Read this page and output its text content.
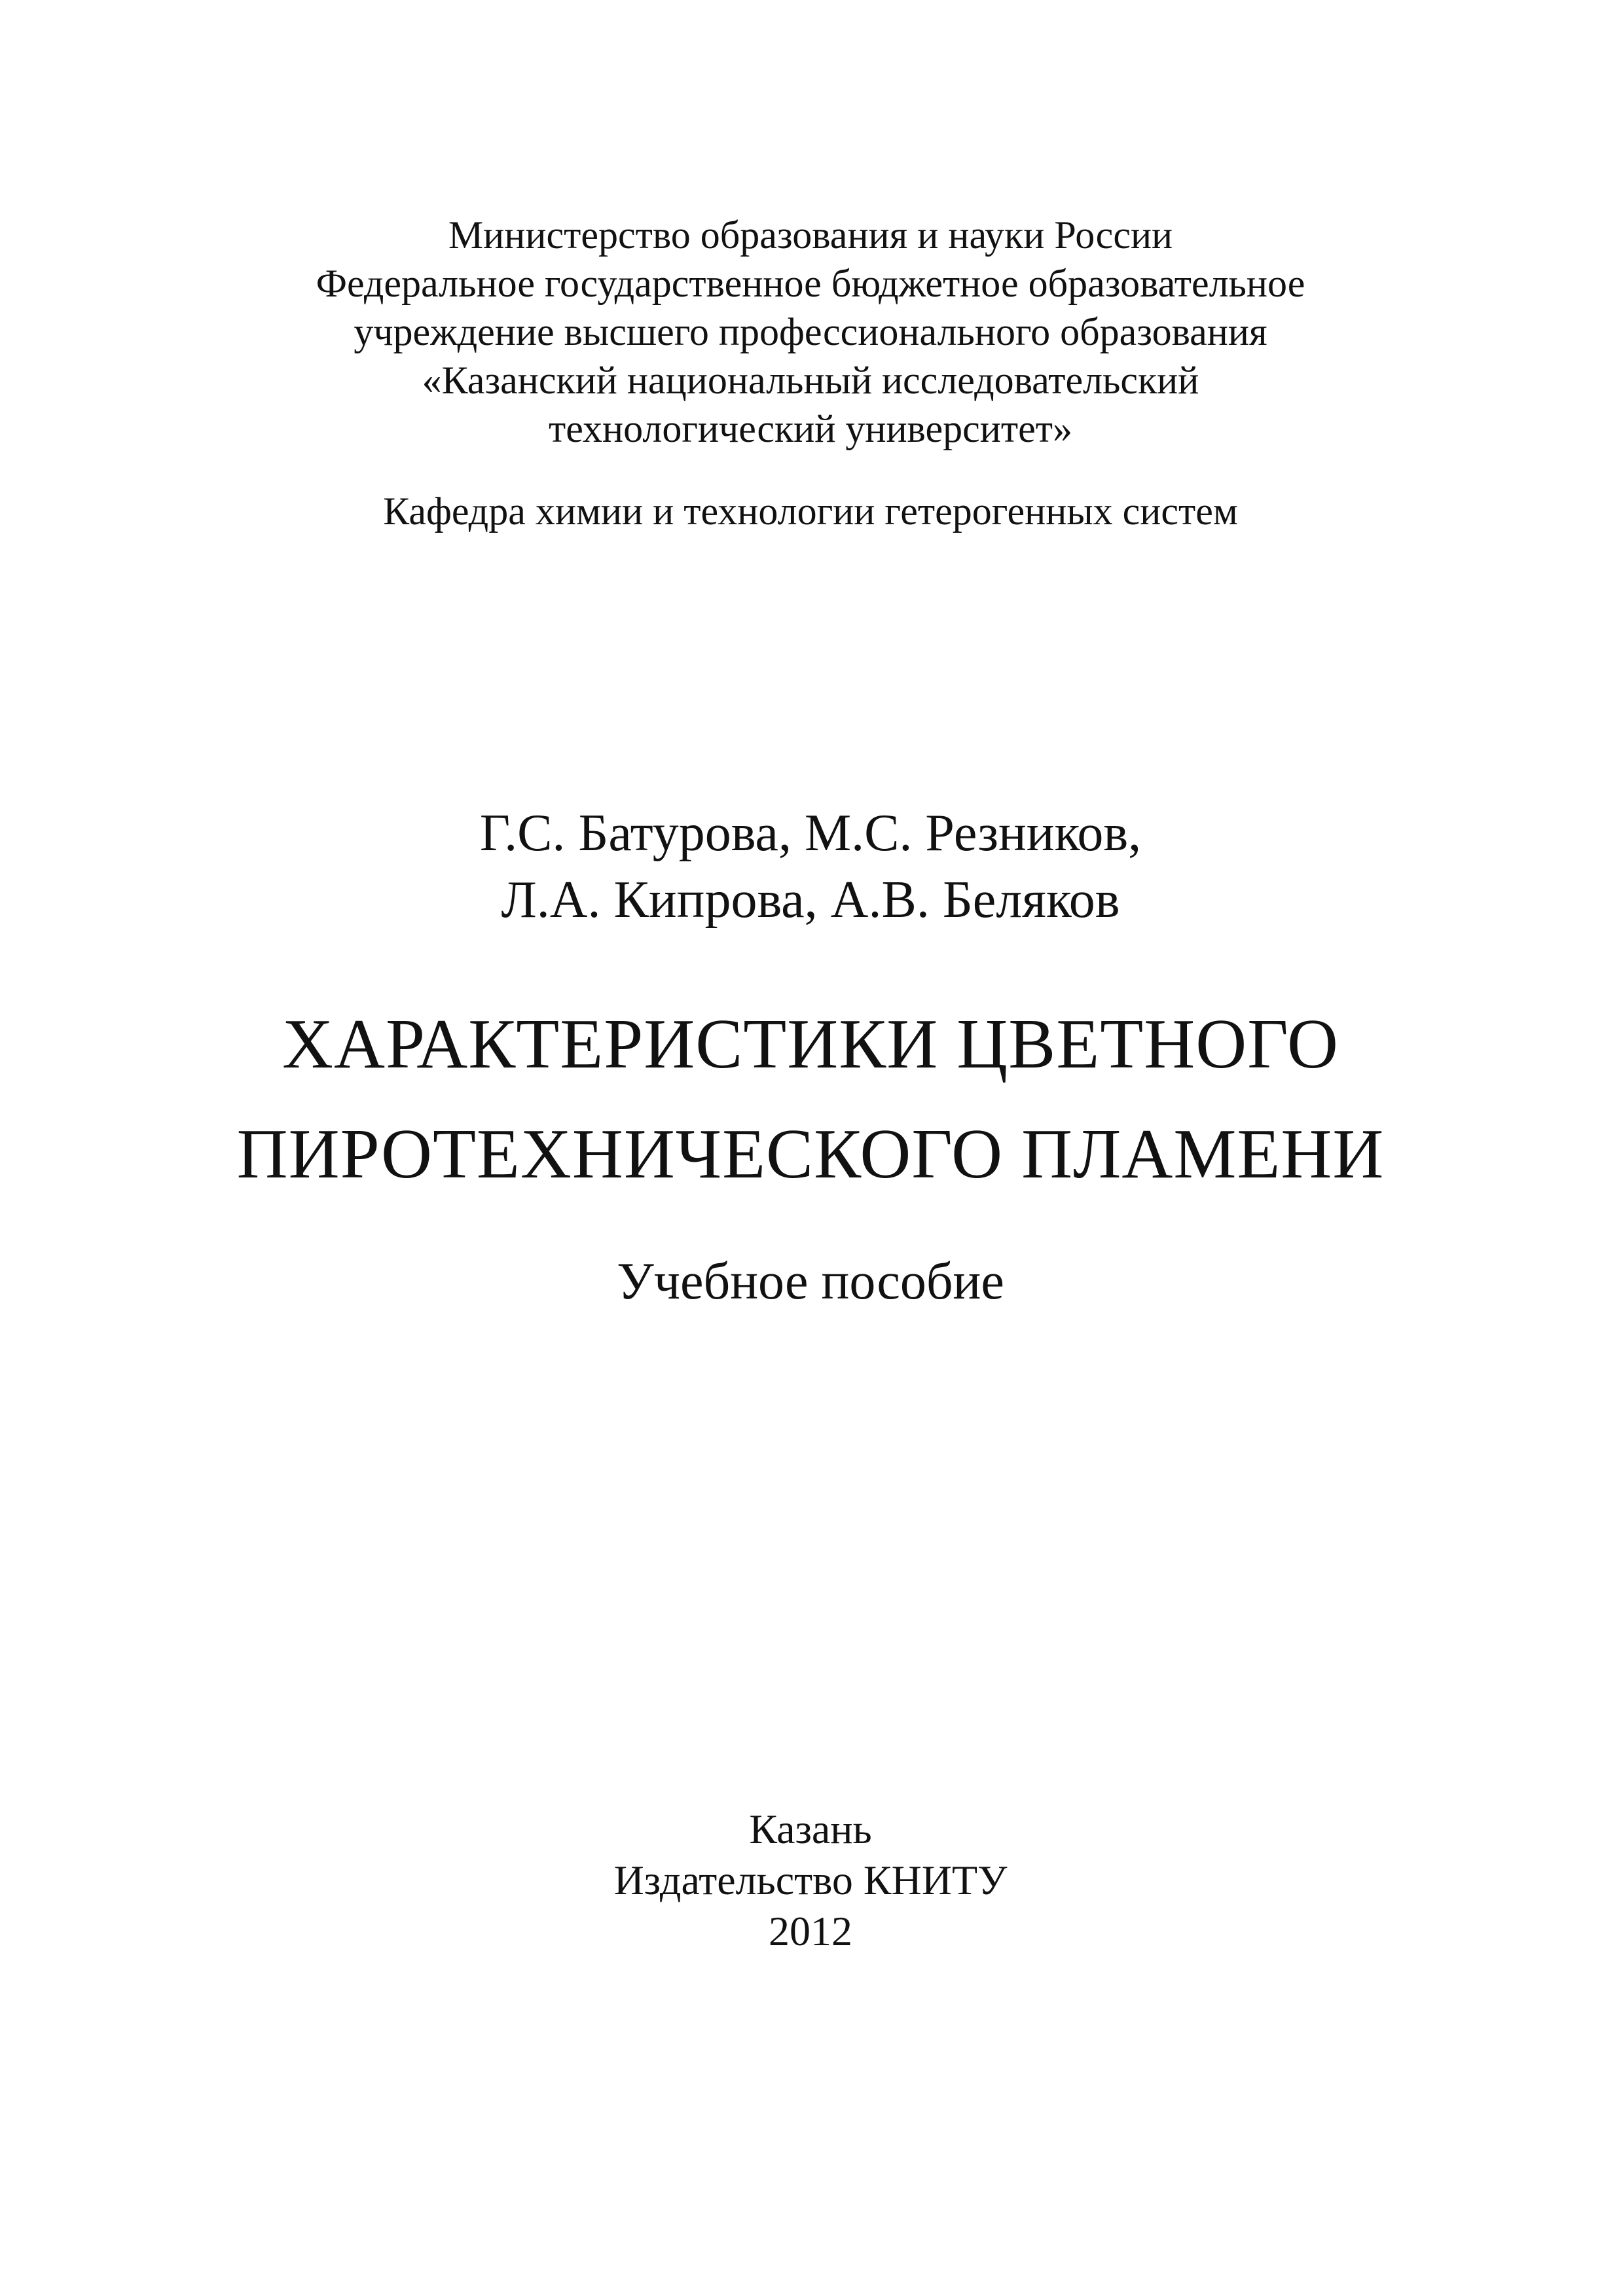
Министерство образования и науки России
Федеральное государственное бюджетное образовательное
учреждение высшего профессионального образования
«Казанский национальный исследовательский
технологический университет»
Кафедра химии и технологии гетерогенных систем
Г.С. Батурова, М.С. Резников,
Л.А. Кипрова, А.В. Беляков
ХАРАКТЕРИСТИКИ ЦВЕТНОГО
ПИРОТЕХНИЧЕСКОГО ПЛАМЕНИ
Учебное пособие
Казань
Издательство КНИТУ
2012
